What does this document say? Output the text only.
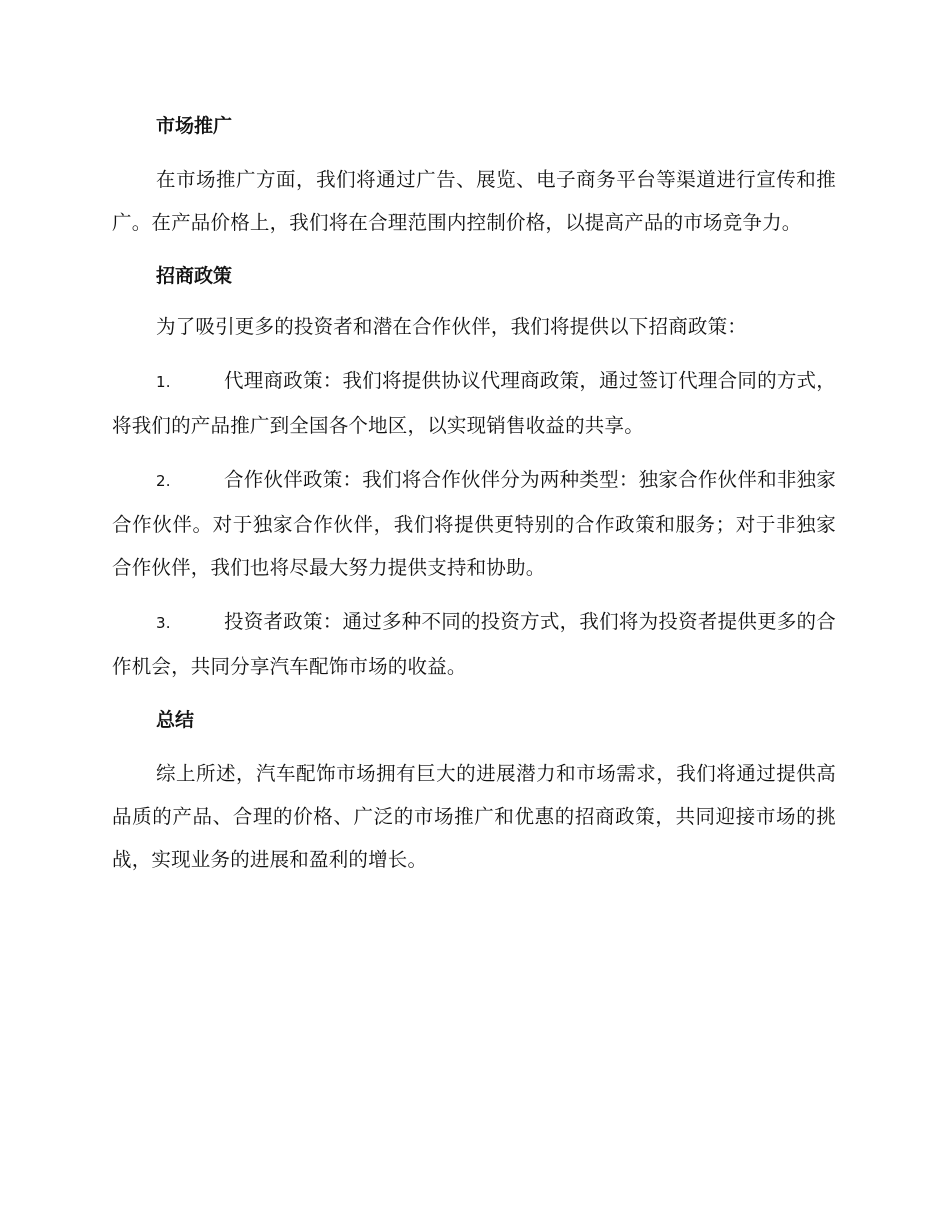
市场推广

在市场推广方面，我们将通过广告、展览、电子商务平台等渠道进行宣传和推广。在产品价格上，我们将在合理范围内控制价格，以提高产品的市场竞争力。

招商政策

为了吸引更多的投资者和潜在合作伙伴，我们将提供以下招商政策：

1.	代理商政策：我们将提供协议代理商政策，通过签订代理合同的方式，将我们的产品推广到全国各个地区，以实现销售收益的共享。

2.	合作伙伴政策：我们将合作伙伴分为两种类型：独家合作伙伴和非独家合作伙伴。对于独家合作伙伴，我们将提供更特别的合作政策和服务；对于非独家合作伙伴，我们也将尽最大努力提供支持和协助。

3.	投资者政策：通过多种不同的投资方式，我们将为投资者提供更多的合作机会，共同分享汽车配饰市场的收益。

总结

综上所述，汽车配饰市场拥有巨大的进展潜力和市场需求，我们将通过提供高品质的产品、合理的价格、广泛的市场推广和优惠的招商政策，共同迎接市场的挑战，实现业务的进展和盈利的增长。
